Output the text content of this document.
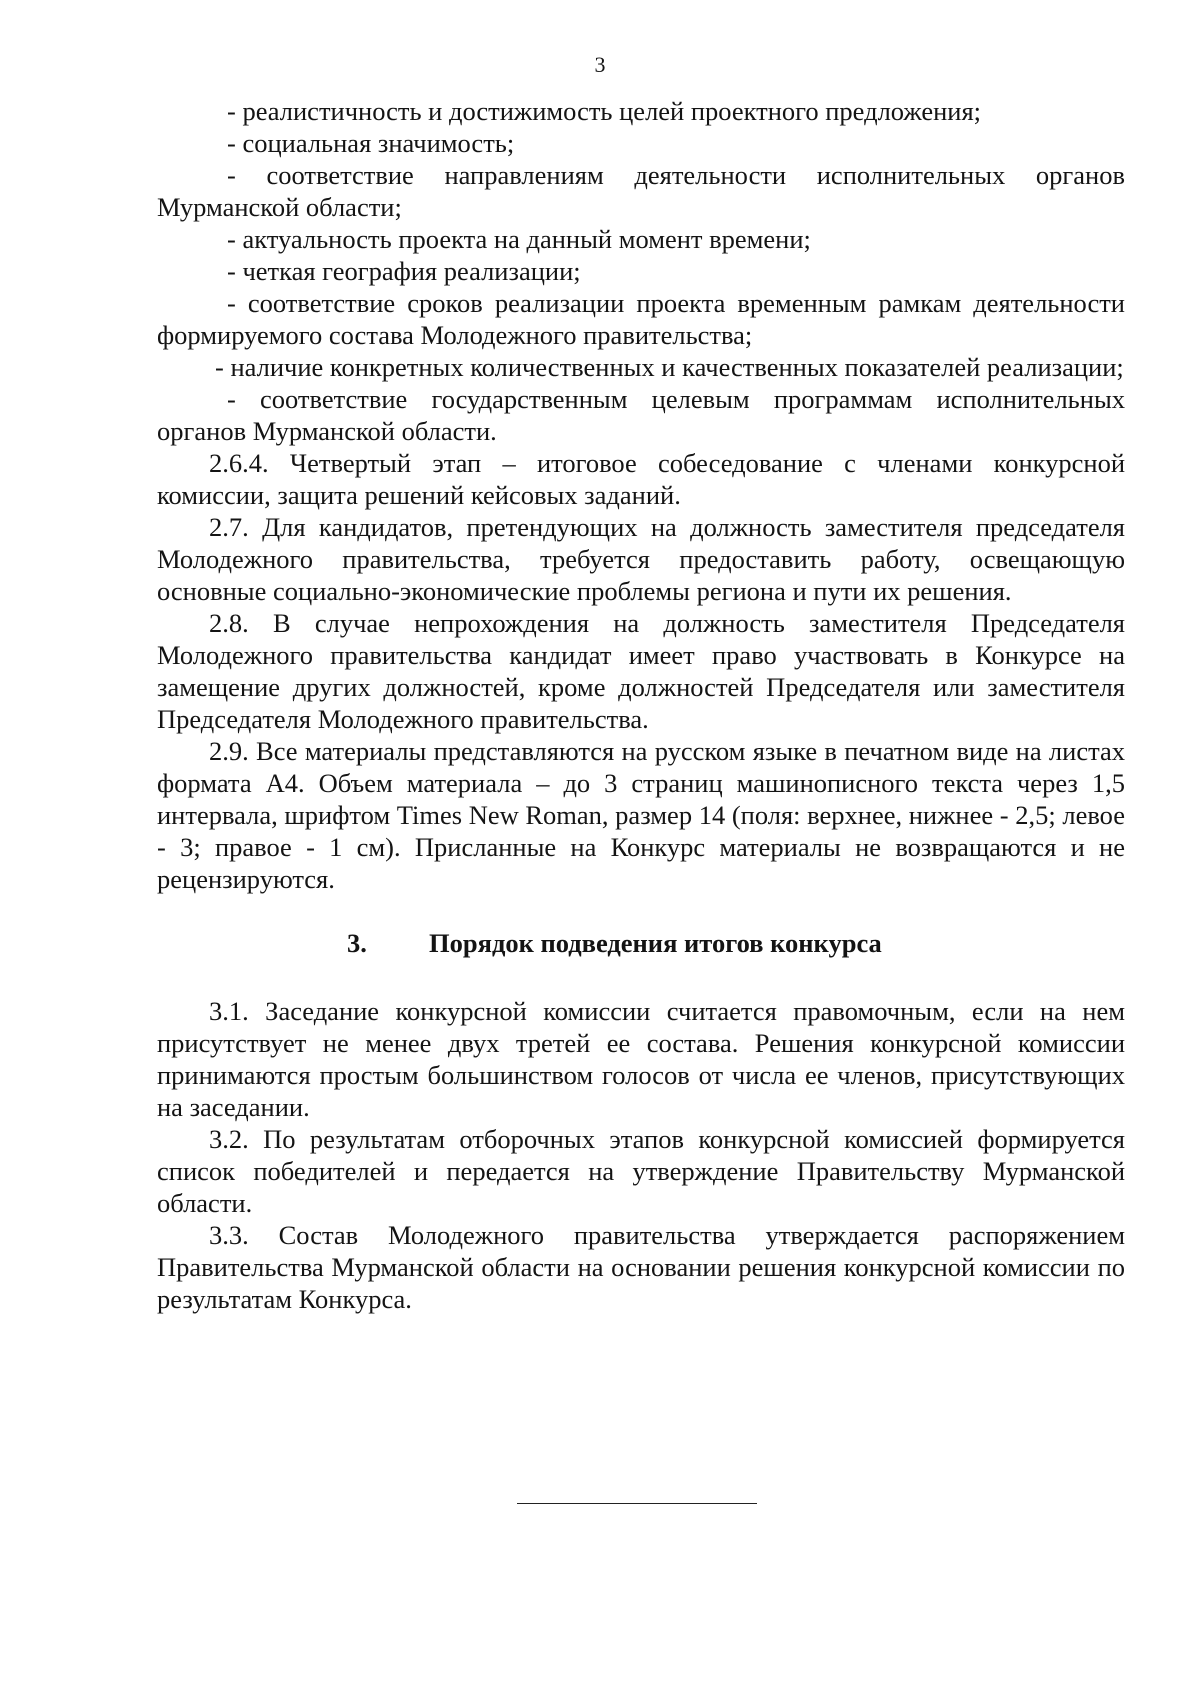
3

- реалистичность и достижимость целей проектного предложения;

- социальная значимость;

- соответствие направлениям деятельности исполнительных органов Мурманской области;

- актуальность проекта на данный момент времени;

- четкая география реализации;

- соответствие сроков реализации проекта временным рамкам деятельности формируемого состава Молодежного правительства;

- наличие конкретных количественных и качественных показателей реализации;

- соответствие государственным целевым программам исполнительных органов Мурманской области.

2.6.4. Четвертый этап – итоговое собеседование с членами конкурсной комиссии, защита решений кейсовых заданий.

2.7. Для кандидатов, претендующих на должность заместителя председателя Молодежного правительства, требуется предоставить работу, освещающую основные социально-экономические проблемы региона и пути их решения.

2.8. В случае непрохождения на должность заместителя Председателя Молодежного правительства кандидат имеет право участвовать в Конкурсе на замещение других должностей, кроме должностей Председателя или заместителя Председателя Молодежного правительства.

2.9. Все материалы представляются на русском языке в печатном виде на листах формата А4. Объем материала – до 3 страниц машинописного текста через 1,5 интервала, шрифтом Times New Roman, размер 14 (поля: верхнее, нижнее - 2,5; левое - 3; правое - 1 см). Присланные на Конкурс материалы не возвращаются и не рецензируются.

3. Порядок подведения итогов конкурса

3.1. Заседание конкурсной комиссии считается правомочным, если на нем присутствует не менее двух третей ее состава. Решения конкурсной комиссии принимаются простым большинством голосов от числа ее членов, присутствующих на заседании.

3.2. По результатам отборочных этапов конкурсной комиссией формируется список победителей и передается на утверждение Правительству Мурманской области.

3.3. Состав Молодежного правительства утверждается распоряжением Правительства Мурманской области на основании решения конкурсной комиссии по результатам Конкурса.
